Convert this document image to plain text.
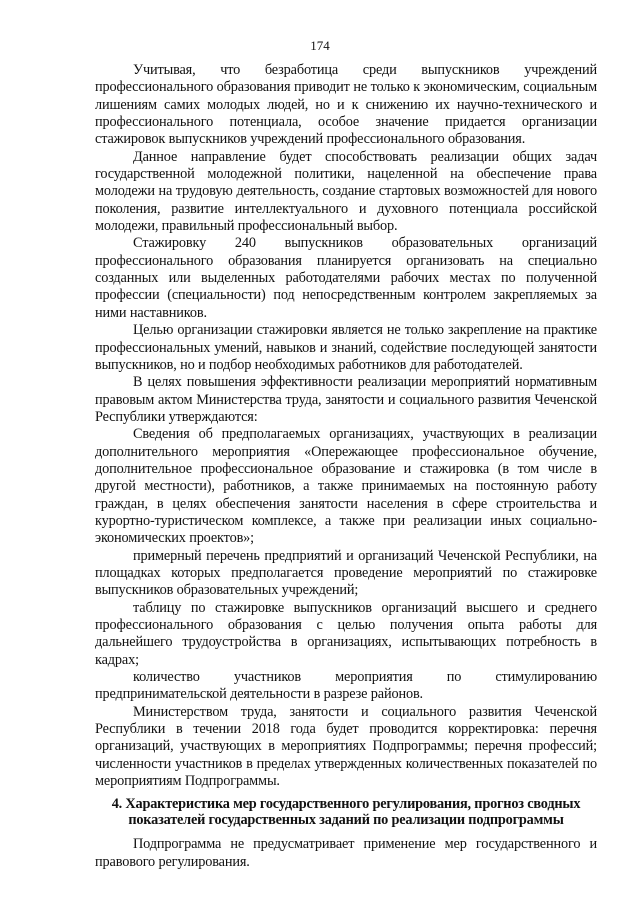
174

Учитывая, что безработица среди выпускников учреждений профессионального образования приводит не только к экономическим, социальным лишениям самих молодых людей, но и к снижению их научно-технического и профессионального потенциала, особое значение придается организации стажировок выпускников учреждений профессионального образования.

Данное направление будет способствовать реализации общих задач государственной молодежной политики, нацеленной на обеспечение права молодежи на трудовую деятельность, создание стартовых возможностей для нового поколения, развитие интеллектуального и духовного потенциала российской молодежи, правильный профессиональный выбор.

Стажировку 240 выпускников образовательных организаций профессионального образования планируется организовать на специально созданных или выделенных работодателями рабочих местах по полученной профессии (специальности) под непосредственным контролем закрепляемых за ними наставников.

Целью организации стажировки является не только закрепление на практике профессиональных умений, навыков и знаний, содействие последующей занятости выпускников, но и подбор необходимых работников для работодателей.

В целях повышения эффективности реализации мероприятий нормативным правовым актом Министерства труда, занятости и социального развития Чеченской Республики утверждаются:

Сведения об предполагаемых организациях, участвующих в реализации дополнительного мероприятия «Опережающее профессиональное обучение, дополнительное профессиональное образование и стажировка (в том числе в другой местности), работников, а также принимаемых на постоянную работу граждан, в целях обеспечения занятости населения в сфере строительства и курортно-туристическом комплексе, а также при реализации иных социально-экономических проектов»;

примерный перечень предприятий и организаций Чеченской Республики, на площадках которых предполагается проведение мероприятий по стажировке выпускников образовательных учреждений;

таблицу по стажировке выпускников организаций высшего и среднего профессионального образования с целью получения опыта работы для дальнейшего трудоустройства в организациях, испытывающих потребность в кадрах;

количество участников мероприятия по стимулированию предпринимательской деятельности в разрезе районов.

Министерством труда, занятости и социального развития Чеченской Республики в течении 2018 года будет проводится корректировка: перечня организаций, участвующих в мероприятиях Подпрограммы; перечня профессий; численности участников в пределах утвержденных количественных показателей по мероприятиям Подпрограммы.

4. Характеристика мер государственного регулирования, прогноз сводных показателей государственных заданий по реализации подпрограммы

Подпрограмма не предусматривает применение мер государственного и правового регулирования.
